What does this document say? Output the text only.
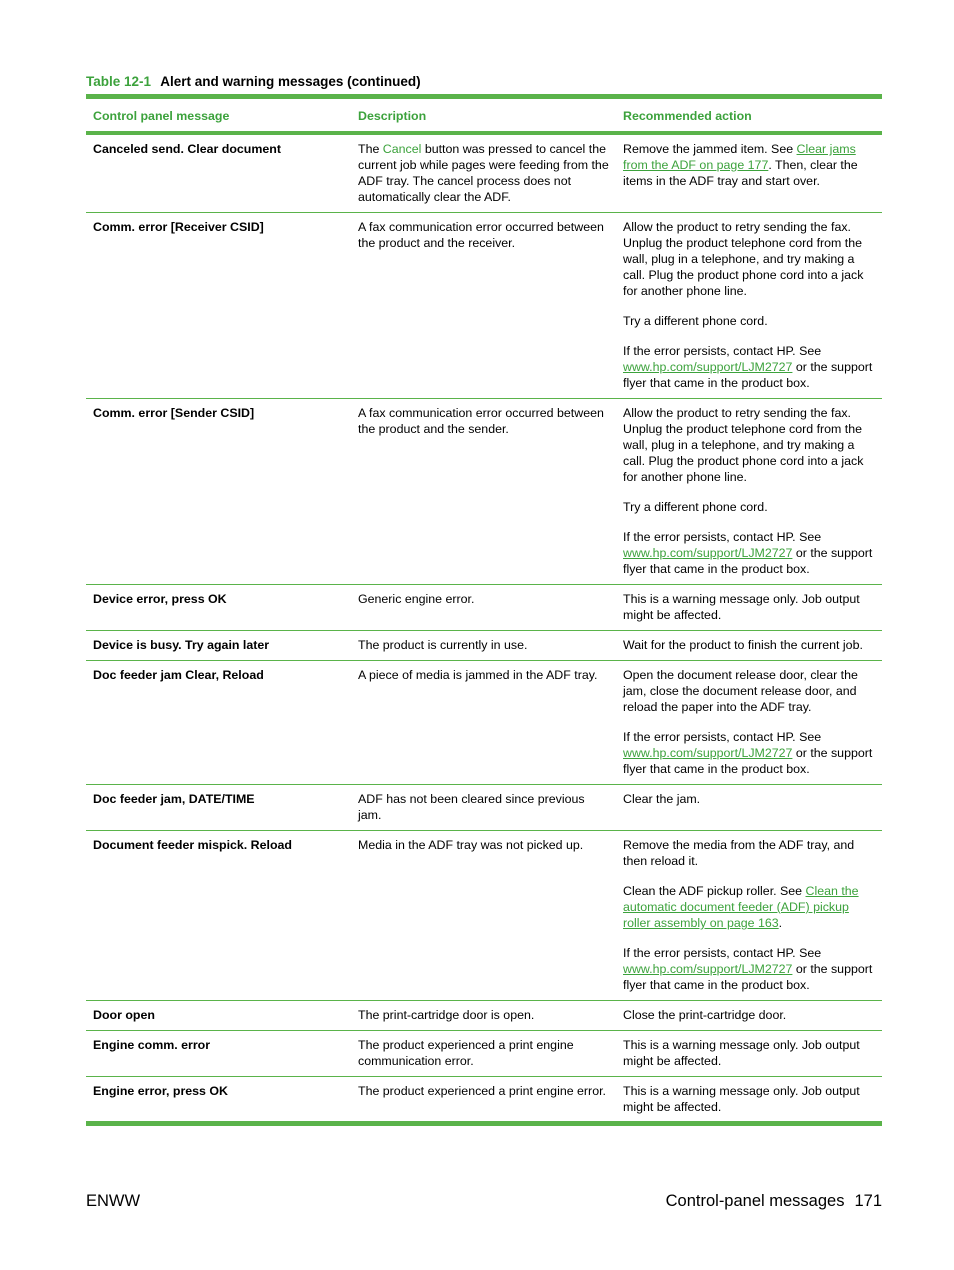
Table 12-1 Alert and warning messages (continued)
Control panel message	Description	Recommended action
Canceled send. Clear document	The Cancel button was pressed to cancel the current job while pages were feeding from the ADF tray. The cancel process does not automatically clear the ADF.	Remove the jammed item. See Clear jams from the ADF on page 177. Then, clear the items in the ADF tray and start over.

Comm. error [Receiver CSID]	A fax communication error occurred between the product and the receiver.	Allow the product to retry sending the fax. Unplug the product telephone cord from the wall, plug in a telephone, and try making a call. Plug the product phone cord into a jack for another phone line.

Try a different phone cord.

If the error persists, contact HP. See www.hp.com/support/LJM2727 or the support flyer that came in the product box.

Comm. error [Sender CSID]	A fax communication error occurred between the product and the sender.	Allow the product to retry sending the fax. Unplug the product telephone cord from the wall, plug in a telephone, and try making a call. Plug the product phone cord into a jack for another phone line.

Try a different phone cord.

If the error persists, contact HP. See www.hp.com/support/LJM2727 or the support flyer that came in the product box.

Device error, press OK	Generic engine error.	This is a warning message only. Job output might be affected.

Device is busy. Try again later	The product is currently in use.	Wait for the product to finish the current job.

Doc feeder jam Clear, Reload	A piece of media is jammed in the ADF tray.	Open the document release door, clear the jam, close the document release door, and reload the paper into the ADF tray.

If the error persists, contact HP. See www.hp.com/support/LJM2727 or the support flyer that came in the product box.

Doc feeder jam, DATE/TIME	ADF has not been cleared since previous jam.	Clear the jam.

Document feeder mispick. Reload	Media in the ADF tray was not picked up.	Remove the media from the ADF tray, and then reload it.

Clean the ADF pickup roller. See Clean the automatic document feeder (ADF) pickup roller assembly on page 163.

If the error persists, contact HP. See www.hp.com/support/LJM2727 or the support flyer that came in the product box.

Door open	The print-cartridge door is open.	Close the print-cartridge door.

Engine comm. error	The product experienced a print engine communication error.	This is a warning message only. Job output might be affected.

Engine error, press OK	The product experienced a print engine error.	This is a warning message only. Job output might be affected.

ENWW	Control-panel messages 171
